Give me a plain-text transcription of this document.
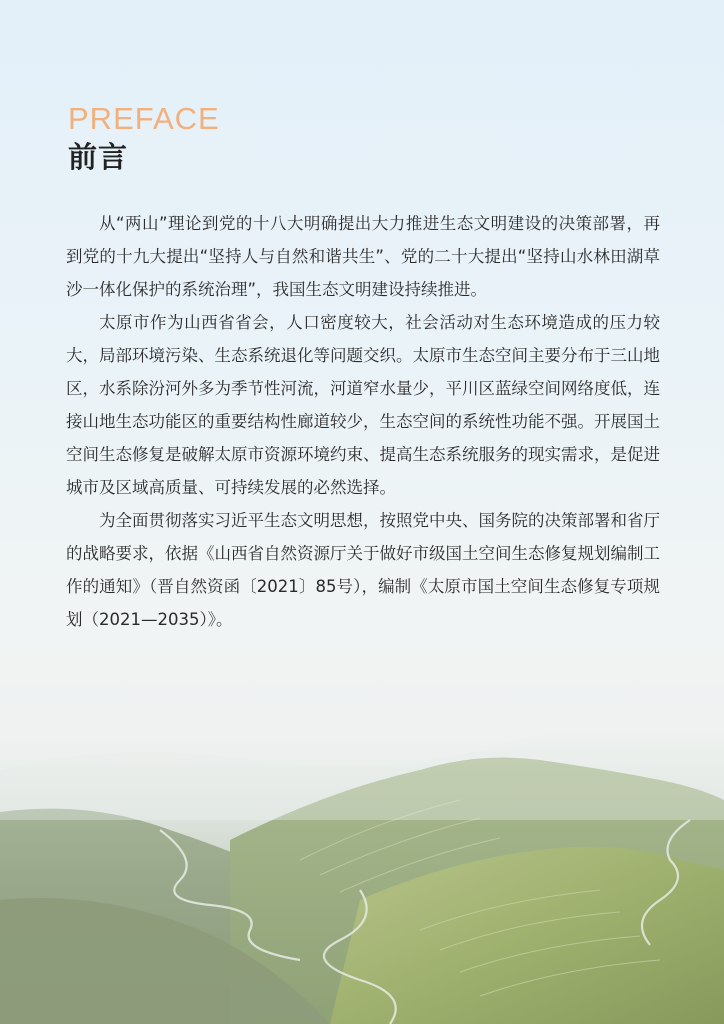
PREFACE
前言

从“两山”理论到党的十八大明确提出大力推进生态文明建设的决策部署，再到党的十九大提出“坚持人与自然和谐共生”、党的二十大提出“坚持山水林田湖草沙一体化保护的系统治理”，我国生态文明建设持续推进。

太原市作为山西省省会，人口密度较大，社会活动对生态环境造成的压力较大，局部环境污染、生态系统退化等问题交织。太原市生态空间主要分布于三山地区，水系除汾河外多为季节性河流，河道窄水量少，平川区蓝绿空间网络度低，连接山地生态功能区的重要结构性廊道较少，生态空间的系统性功能不强。开展国土空间生态修复是破解太原市资源环境约束、提高生态系统服务的现实需求，是促进城市及区域高质量、可持续发展的必然选择。

为全面贯彻落实习近平生态文明思想，按照党中央、国务院的决策部署和省厅的战略要求，依据《山西省自然资源厅关于做好市级国土空间生态修复规划编制工作的通知》（晋自然资函〔2021〕85号），编制《太原市国土空间生态修复专项规划（2021—2035）》。
